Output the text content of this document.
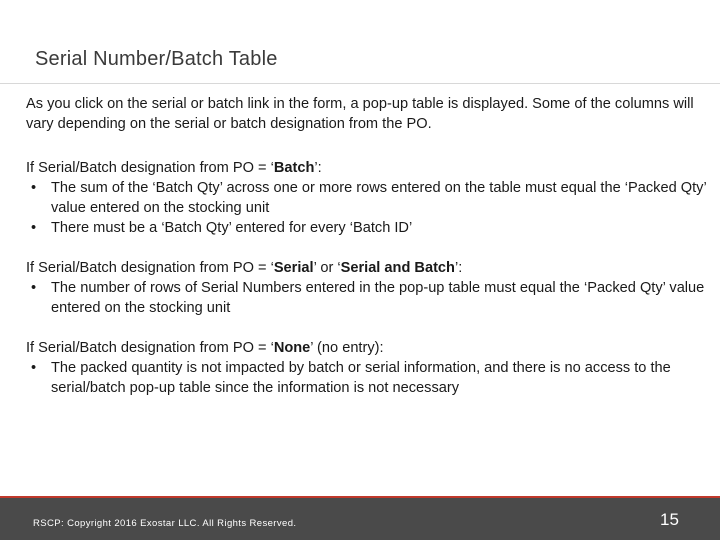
Serial Number/Batch Table

As you click on the serial or batch link in the form, a pop-up table is displayed. Some of the columns will vary depending on the serial or batch designation from the PO.

If Serial/Batch designation from PO = ‘Batch’:

•	The sum of the ‘Batch Qty’ across one or more rows entered on the table must equal the ‘Packed Qty’ value entered on the stocking unit
•	There must be a ‘Batch Qty’ entered for every ‘Batch ID’

If Serial/Batch designation from PO = ‘Serial’ or ‘Serial and Batch’:

•	The number of rows of Serial Numbers entered in the pop-up table must equal the ‘Packed Qty’ value entered on the stocking unit

If Serial/Batch designation from PO = ‘None’ (no entry):

•	The packed quantity is not impacted by batch or serial information, and there is no access to the serial/batch pop-up table since the information is not necessary
RSCP: Copyright 2016 Exostar LLC. All Rights Reserved.	15
